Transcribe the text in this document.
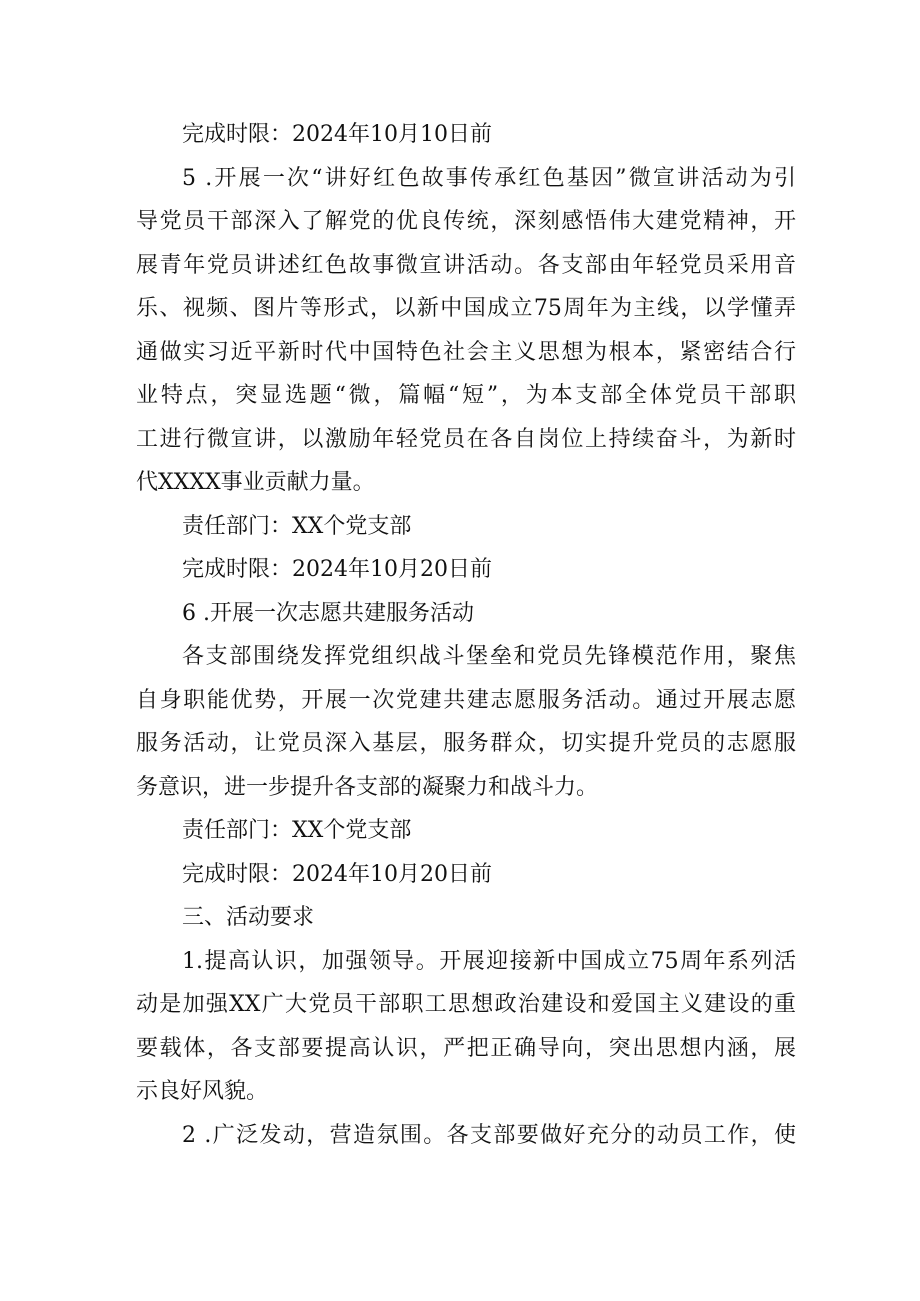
完成时限：2024年10月10日前
5 .开展一次“讲好红色故事传承红色基因”微宣讲活动为引
导党员干部深入了解党的优良传统，深刻感悟伟大建党精神，开
展青年党员讲述红色故事微宣讲活动。各支部由年轻党员采用音
乐、视频、图片等形式，以新中国成立75周年为主线，以学懂弄
通做实习近平新时代中国特色社会主义思想为根本，紧密结合行
业特点，突显选题“微，篇幅“短”，为本支部全体党员干部职
工进行微宣讲，以激励年轻党员在各自岗位上持续奋斗，为新时
代XXXX事业贡献力量。
责任部门：XX个党支部
完成时限：2024年10月20日前
6 .开展一次志愿共建服务活动
各支部围绕发挥党组织战斗堡垒和党员先锋模范作用，聚焦
自身职能优势，开展一次党建共建志愿服务活动。通过开展志愿
服务活动，让党员深入基层，服务群众，切实提升党员的志愿服
务意识，进一步提升各支部的凝聚力和战斗力。
责任部门：XX个党支部
完成时限：2024年10月20日前
三、活动要求
1.提高认识，加强领导。开展迎接新中国成立75周年系列活
动是加强XX广大党员干部职工思想政治建设和爱国主义建设的重
要载体，各支部要提高认识，严把正确导向，突出思想内涵，展
示良好风貌。
2 .广泛发动，营造氛围。各支部要做好充分的动员工作，使
